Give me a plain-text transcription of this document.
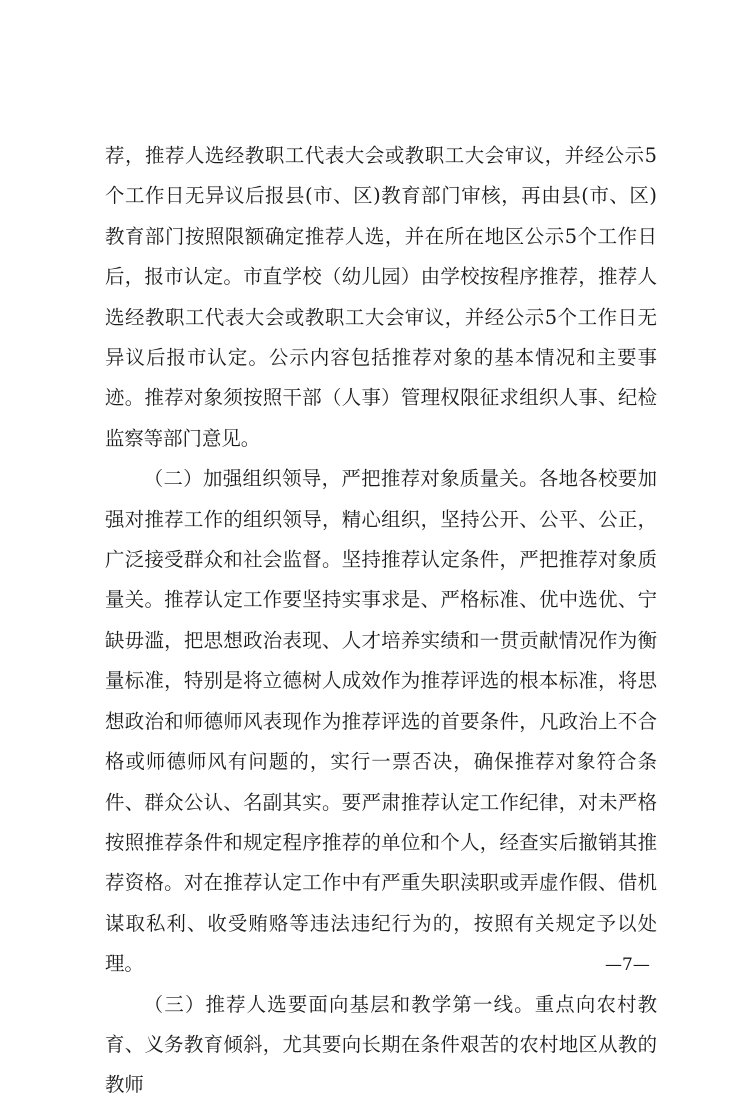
荐，推荐人选经教职工代表大会或教职工大会审议，并经公示5个工作日无异议后报县(市、区)教育部门审核，再由县(市、区)教育部门按照限额确定推荐人选，并在所在地区公示5个工作日后，报市认定。市直学校（幼儿园）由学校按程序推荐，推荐人选经教职工代表大会或教职工大会审议，并经公示5个工作日无异议后报市认定。公示内容包括推荐对象的基本情况和主要事迹。推荐对象须按照干部（人事）管理权限征求组织人事、纪检监察等部门意见。

（二）加强组织领导，严把推荐对象质量关。各地各校要加强对推荐工作的组织领导，精心组织，坚持公开、公平、公正，广泛接受群众和社会监督。坚持推荐认定条件，严把推荐对象质量关。推荐认定工作要坚持实事求是、严格标准、优中选优、宁缺毋滥，把思想政治表现、人才培养实绩和一贯贡献情况作为衡量标准，特别是将立德树人成效作为推荐评选的根本标准，将思想政治和师德师风表现作为推荐评选的首要条件，凡政治上不合格或师德师风有问题的，实行一票否决，确保推荐对象符合条件、群众公认、名副其实。要严肃推荐认定工作纪律，对未严格按照推荐条件和规定程序推荐的单位和个人，经查实后撤销其推荐资格。对在推荐认定工作中有严重失职渎职或弄虚作假、借机谋取私利、收受贿赂等违法违纪行为的，按照有关规定予以处理。

（三）推荐人选要面向基层和教学第一线。重点向农村教育、义务教育倾斜，尤其要向长期在条件艰苦的农村地区从教的教师

—7—
